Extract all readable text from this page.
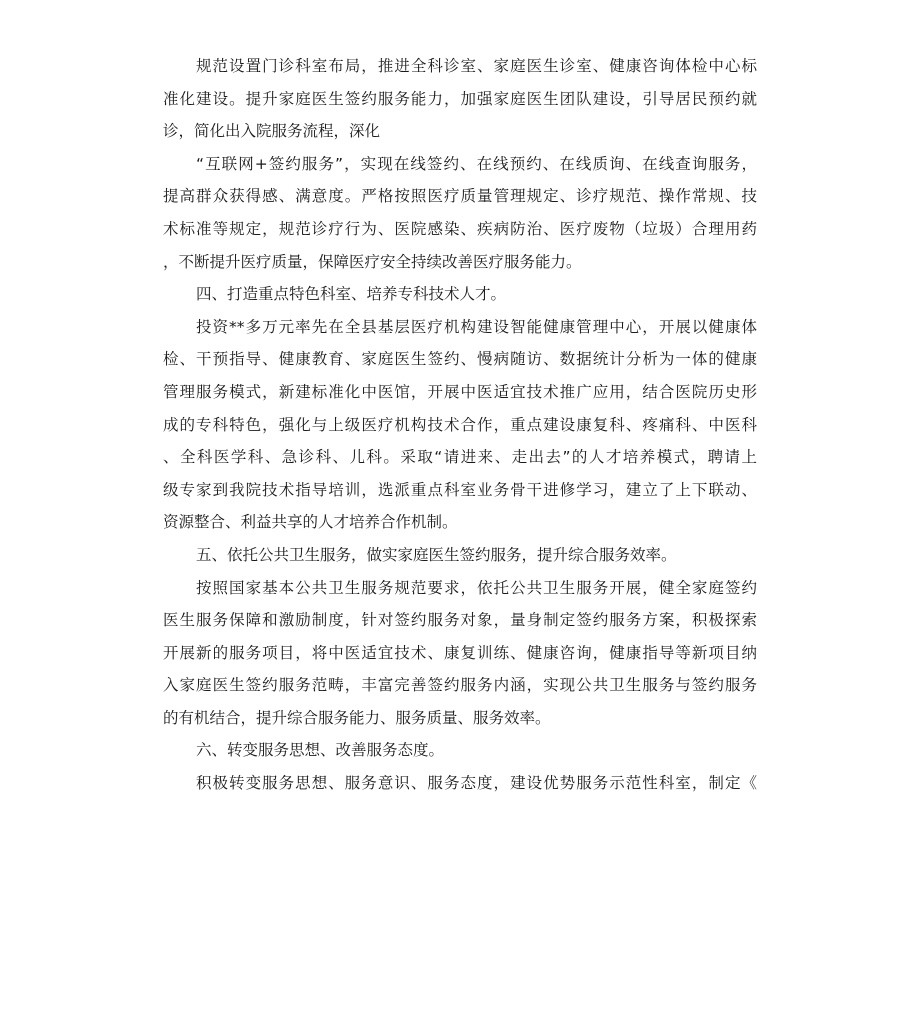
规范设置门诊科室布局，推进全科诊室、家庭医生诊室、健康咨询体检中心标
准化建设。提升家庭医生签约服务能力，加强家庭医生团队建设，引导居民预约就
诊，简化出入院服务流程，深化
“互联网+签约服务”，实现在线签约、在线预约、在线质询、在线查询服务，
提高群众获得感、满意度。严格按照医疗质量管理规定、诊疗规范、操作常规、技
术标准等规定，规范诊疗行为、医院感染、疾病防治、医疗废物（垃圾）合理用药
，不断提升医疗质量，保障医疗安全持续改善医疗服务能力。
四、打造重点特色科室、培养专科技术人才。
投资**多万元率先在全县基层医疗机构建设智能健康管理中心，开展以健康体
检、干预指导、健康教育、家庭医生签约、慢病随访、数据统计分析为一体的健康
管理服务模式，新建标准化中医馆，开展中医适宜技术推广应用，结合医院历史形
成的专科特色，强化与上级医疗机构技术合作，重点建设康复科、疼痛科、中医科
、全科医学科、急诊科、儿科。采取“请进来、走出去”的人才培养模式，聘请上
级专家到我院技术指导培训，选派重点科室业务骨干进修学习，建立了上下联动、
资源整合、利益共享的人才培养合作机制。
五、依托公共卫生服务，做实家庭医生签约服务，提升综合服务效率。
按照国家基本公共卫生服务规范要求，依托公共卫生服务开展，健全家庭签约
医生服务保障和激励制度，针对签约服务对象，量身制定签约服务方案，积极探索
开展新的服务项目，将中医适宜技术、康复训练、健康咨询，健康指导等新项目纳
入家庭医生签约服务范畴，丰富完善签约服务内涵，实现公共卫生服务与签约服务
的有机结合，提升综合服务能力、服务质量、服务效率。
六、转变服务思想、改善服务态度。
积极转变服务思想、服务意识、服务态度，建设优势服务示范性科室，制定《
